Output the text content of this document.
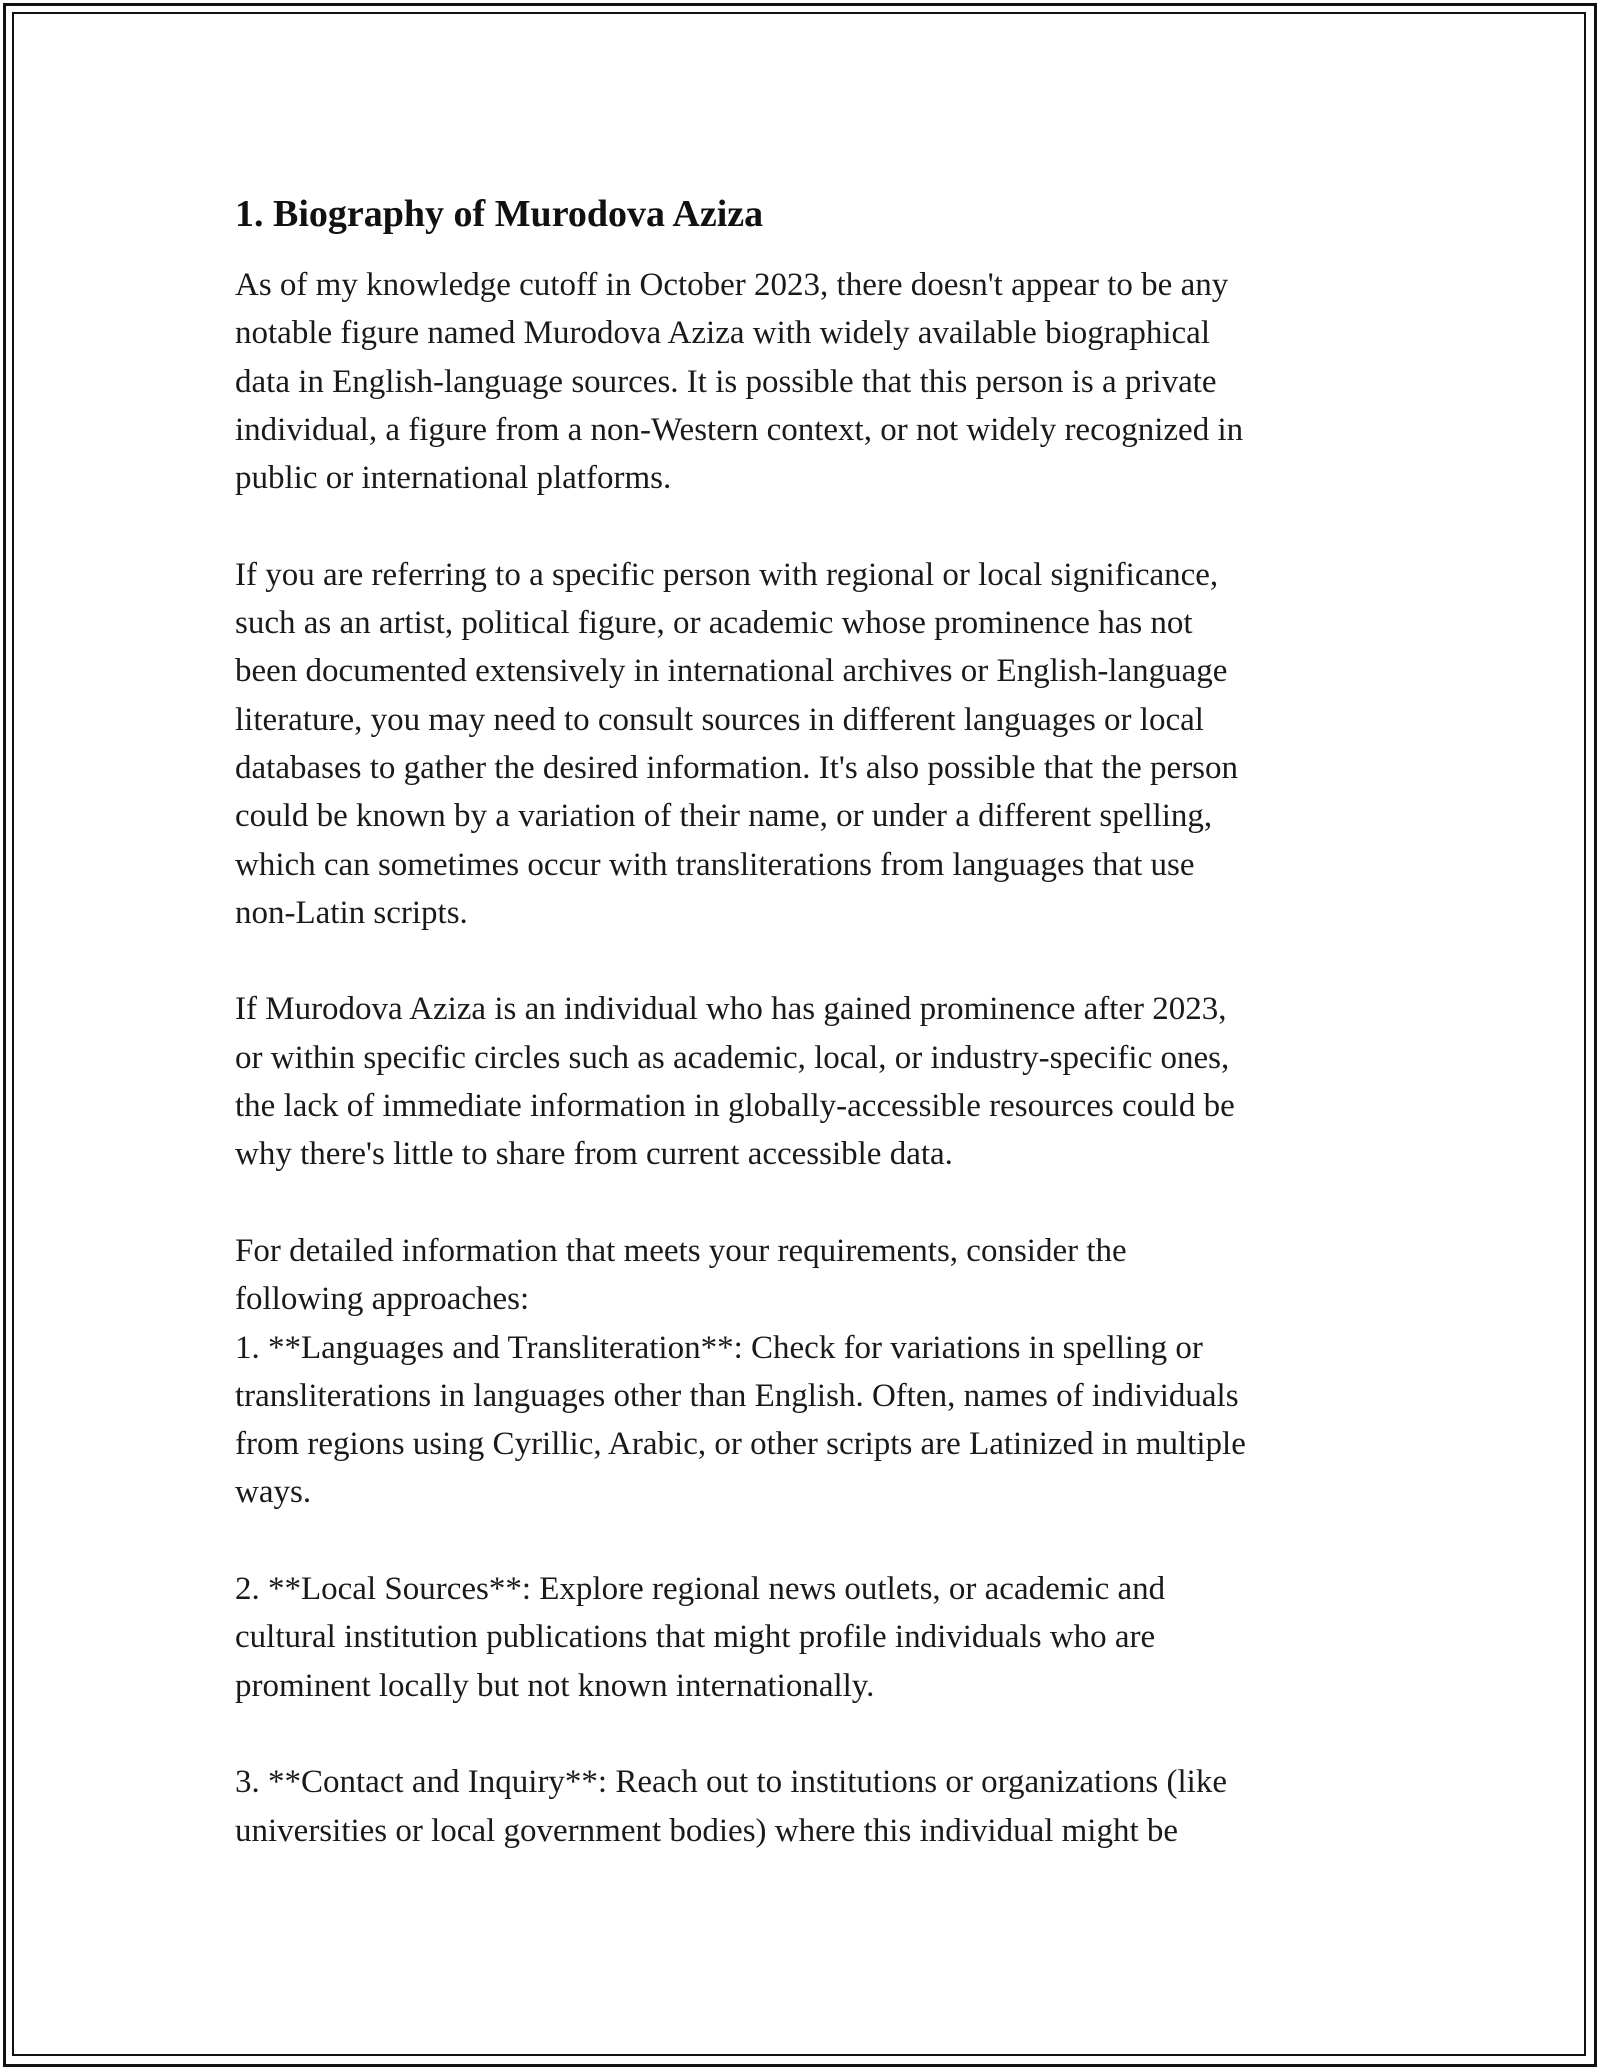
1. Biography of Murodova Aziza

As of my knowledge cutoff in October 2023, there doesn't appear to be any
notable figure named Murodova Aziza with widely available biographical
data in English-language sources. It is possible that this person is a private
individual, a figure from a non-Western context, or not widely recognized in
public or international platforms.

If you are referring to a specific person with regional or local significance,
such as an artist, political figure, or academic whose prominence has not
been documented extensively in international archives or English-language
literature, you may need to consult sources in different languages or local
databases to gather the desired information. It's also possible that the person
could be known by a variation of their name, or under a different spelling,
which can sometimes occur with transliterations from languages that use
non-Latin scripts.

If Murodova Aziza is an individual who has gained prominence after 2023,
or within specific circles such as academic, local, or industry-specific ones,
the lack of immediate information in globally-accessible resources could be
why there's little to share from current accessible data.

For detailed information that meets your requirements, consider the
following approaches:
1. **Languages and Transliteration**: Check for variations in spelling or
transliterations in languages other than English. Often, names of individuals
from regions using Cyrillic, Arabic, or other scripts are Latinized in multiple
ways.

2. **Local Sources**: Explore regional news outlets, or academic and
cultural institution publications that might profile individuals who are
prominent locally but not known internationally.

3. **Contact and Inquiry**: Reach out to institutions or organizations (like
universities or local government bodies) where this individual might be
